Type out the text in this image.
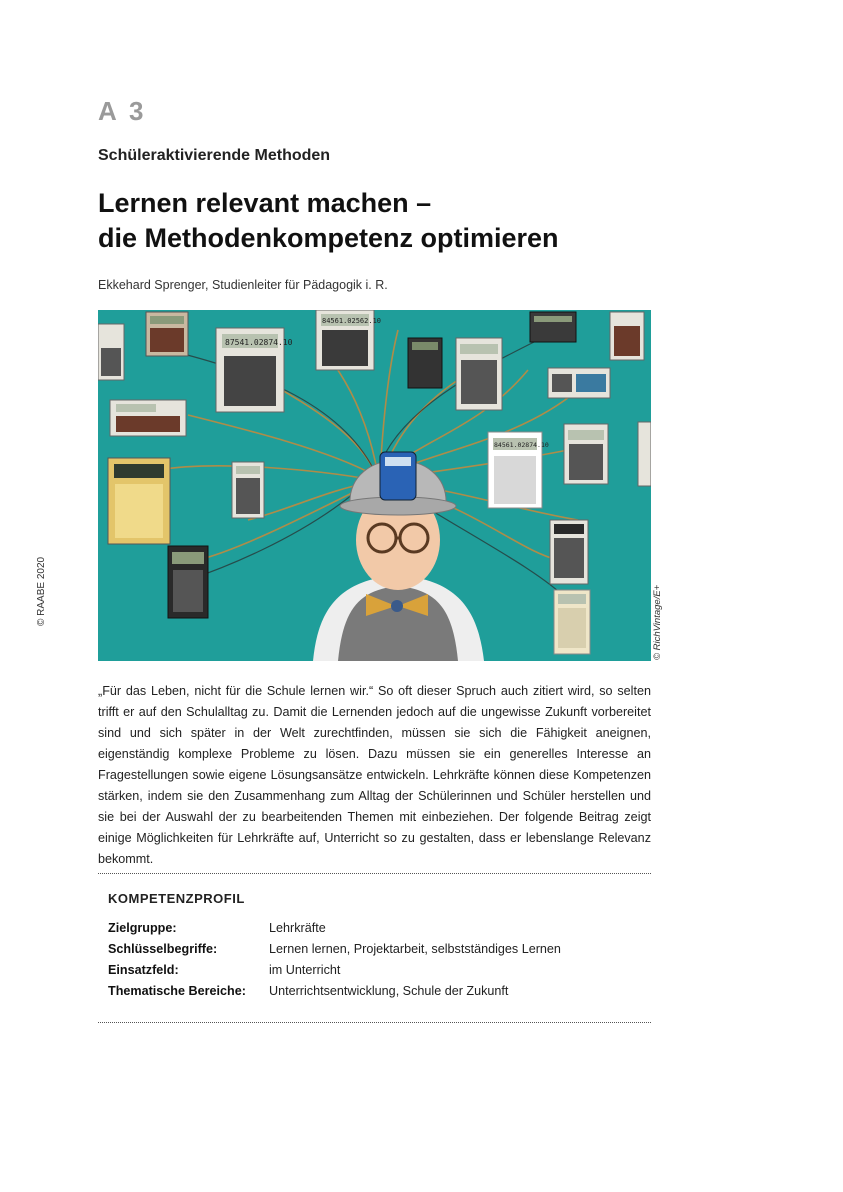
A 3
Schüleraktivierende Methoden
Lernen relevant machen –
die Methodenkompetenz optimieren
Ekkehard Sprenger, Studienleiter für Pädagogik i. R.
87541.02874.10
84561.02562.10
84561.02874.10
© RichVintage/E+
© RAABE 2020
„Für das Leben, nicht für die Schule lernen wir.“ So oft dieser Spruch auch zitiert wird, so selten trifft er auf den Schulalltag zu. Damit die Lernenden jedoch auf die ungewisse Zukunft vorbereitet sind und sich später in der Welt zurechtfinden, müssen sie sich die Fähigkeit aneignen, eigenständig komplexe Probleme zu lösen. Dazu müssen sie ein generelles Interesse an Fragestellungen sowie eigene Lösungsansätze entwickeln. Lehrkräfte können diese Kompetenzen stärken, indem sie den Zusammenhang zum Alltag der Schülerinnen und Schüler herstellen und sie bei der Auswahl der zu bearbeitenden Themen mit einbeziehen. Der folgende Beitrag zeigt einige Möglichkeiten für Lehrkräfte auf, Unterricht so zu gestalten, dass er lebenslange Relevanz bekommt.
KOMPETENZPROFIL
Zielgruppe:	Lehrkräfte
Schlüsselbegriffe:	Lernen lernen, Projektarbeit, selbstständiges Lernen
Einsatzfeld:	im Unterricht
Thematische Bereiche: Unterrichtsentwicklung, Schule der Zukunft
